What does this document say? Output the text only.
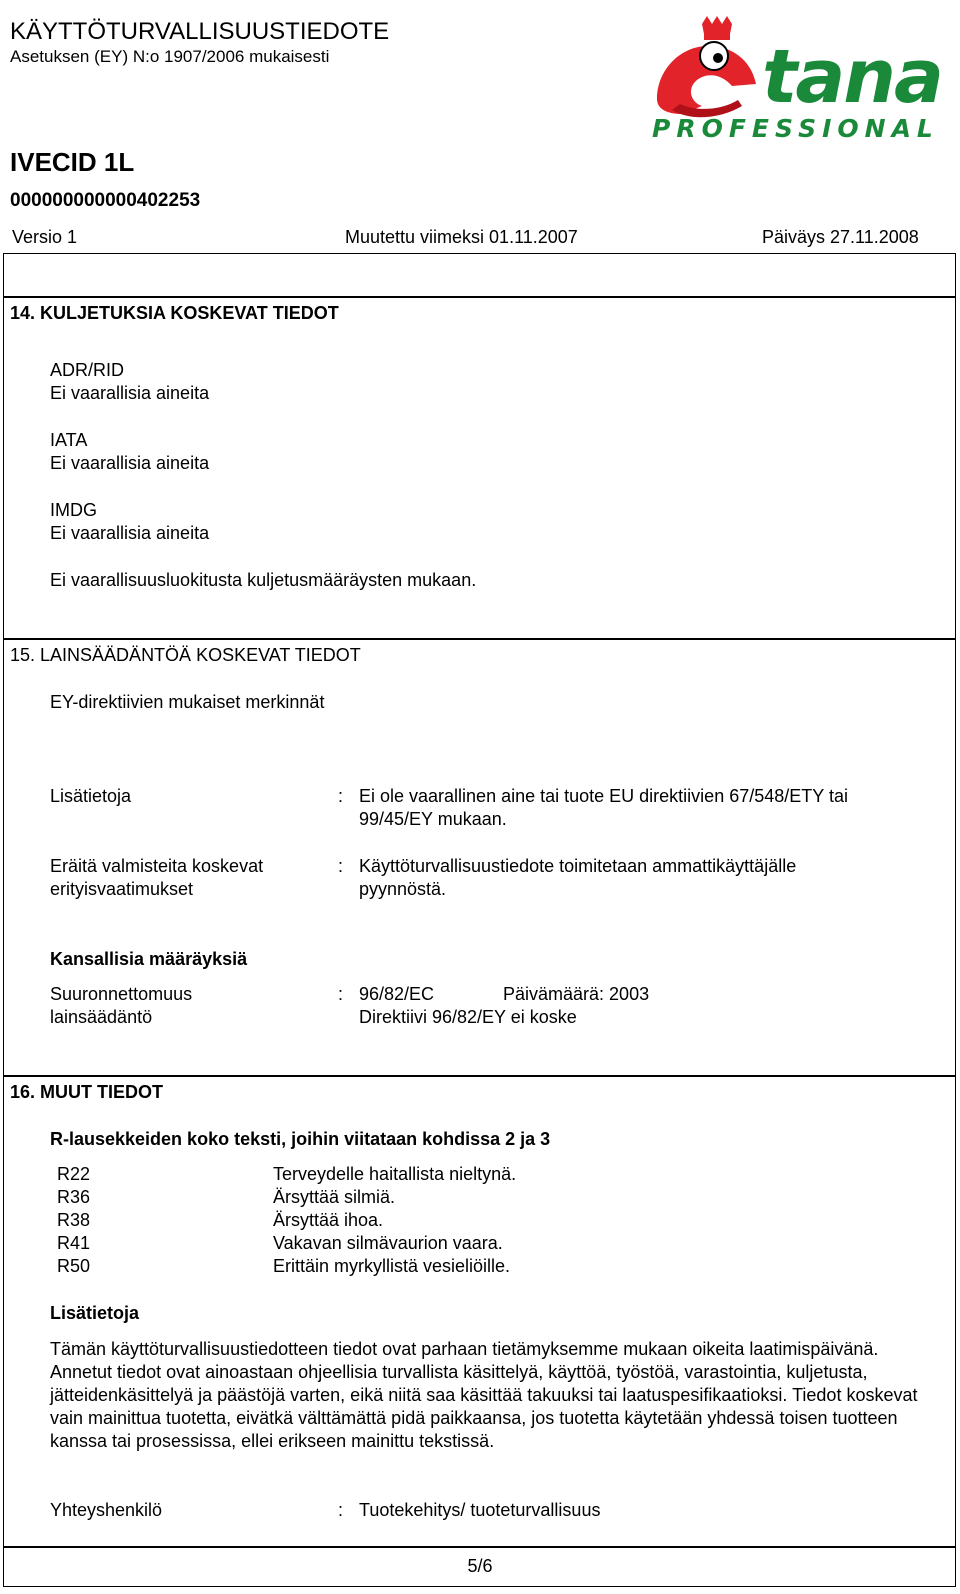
KÄYTTÖTURVALLISUUSTIEDOTE
Asetuksen (EY) N:o 1907/2006 mukaisesti	tana
PROFESSIONAL
IVECID 1L
000000000000402253
Versio 1	Muutettu viimeksi 01.11.2007	Päiväys 27.11.2008
14. KULJETUKSIA KOSKEVAT TIEDOT
ADR/RID
Ei vaarallisia aineita
IATA
Ei vaarallisia aineita
IMDG
Ei vaarallisia aineita
Ei vaarallisuusluokitusta kuljetusmääräysten mukaan.
15. LAINSÄÄDÄNTÖÄ KOSKEVAT TIEDOT
EY-direktiivien mukaiset merkinnät
Lisätietoja	: Ei ole vaarallinen aine tai tuote EU direktiivien 67/548/ETY tai
99/45/EY mukaan.
Eräitä valmisteita koskevat
erityisvaatimukset
: Käyttöturvallisuustiedote toimitetaan ammattikäyttäjälle
pyynnöstä.
Kansallisia määräyksiä
Suuronnettomuus
lainsäädäntö
: 96/82/EC	Päivämäärä: 2003
Direktiivi 96/82/EY ei koske
16. MUUT TIEDOT
R-lausekkeiden koko teksti, joihin viitataan kohdissa 2 ja 3
R22	Terveydelle haitallista nieltynä.
R36	Ärsyttää silmiä.
R38	Ärsyttää ihoa.
R41	Vakavan silmävaurion vaara.
R50	Erittäin myrkyllistä vesieliöille.
Lisätietoja
Tämän käyttöturvallisuustiedotteen tiedot ovat parhaan tietämyksemme mukaan oikeita laatimispäivänä. Annetut tiedot ovat ainoastaan ohjeellisia turvallista käsittelyä, käyttöä, työstöä, varastointia, kuljetusta, jätteidenkäsittelyä ja päästöjä varten, eikä niitä saa käsittää takuuksi tai laatuspesifikaatioksi. Tiedot koskevat vain mainittua tuotetta, eivätkä välttämättä pidä paikkaansa, jos tuotetta käytetään yhdessä toisen tuotteen kanssa tai prosessissa, ellei erikseen mainittu tekstissä.
Yhteyshenkilö	: Tuotekehitys/ tuoteturvallisuus
5/6
